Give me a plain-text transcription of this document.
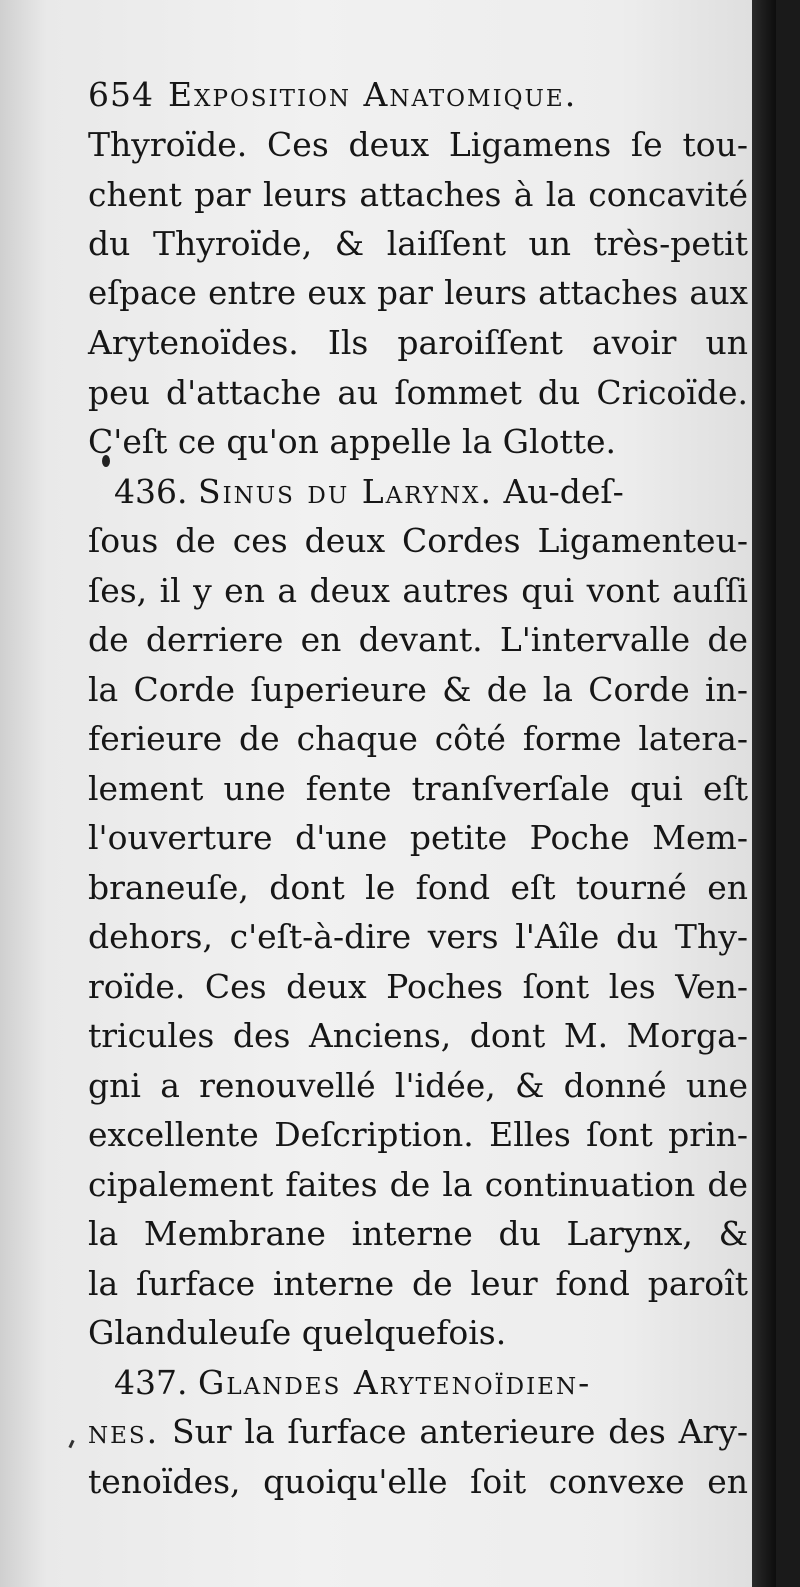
654 Exposition Anatomique.
Thyroïde. Ces deux Ligamens ſe tou-
chent par leurs attaches à la concavité
du Thyroïde, & laiſſent un très-petit
eſpace entre eux par leurs attaches aux
Arytenoïdes. Ils paroiſſent avoir un
peu d'attache au ſommet du Cricoïde.
C'eſt ce qu'on appelle la Glotte.
436. Sinus du Larynx. Au-deſ-
ſous de ces deux Cordes Ligamenteu-
ſes, il y en a deux autres qui vont auſſi
de derriere en devant. L'intervalle de
la Corde ſuperieure & de la Corde in-
ferieure de chaque côté forme latera-
lement une fente tranſverſale qui eſt
l'ouverture d'une petite Poche Mem-
braneuſe, dont le fond eſt tourné en
dehors, c'eſt-à-dire vers l'Aîle du Thy-
roïde. Ces deux Poches ſont les Ven-
tricules des Anciens, dont M. Morga-
gni a renouvellé l'idée, & donné une
excellente Deſcription. Elles ſont prin-
cipalement faites de la continuation de
la Membrane interne du Larynx, &
la ſurface interne de leur fond paroît
Glanduleuſe quelquefois.
437. Glandes Arytenoïdien-
nes. Sur la ſurface anterieure des Ary-
tenoïdes, quoiqu'elle ſoit convexe en
